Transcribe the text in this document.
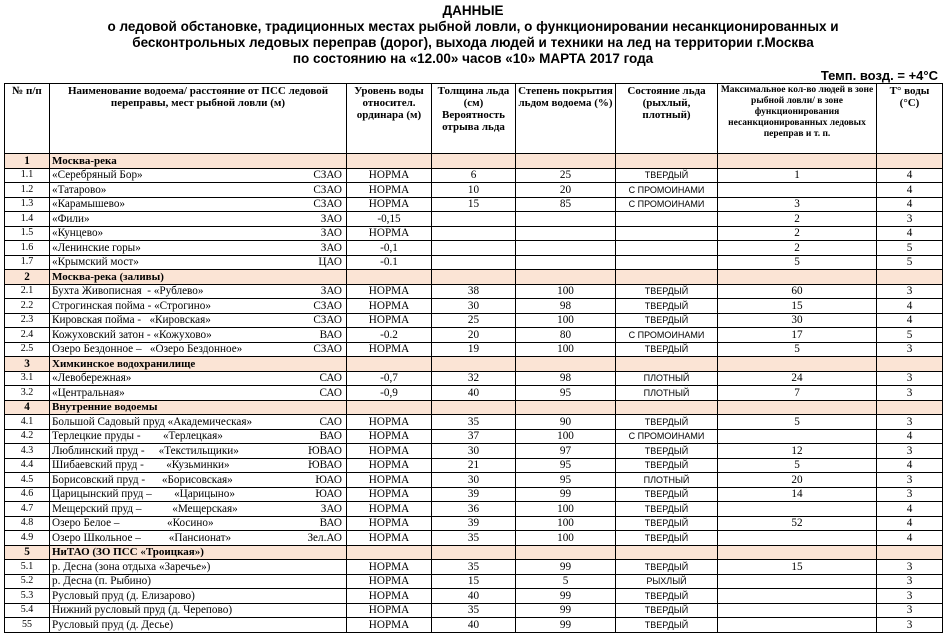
ДАННЫЕ
о ледовой обстановке, традиционных местах рыбной ловли, о функционировании несанкционированных и
бесконтрольных ледовых переправ (дорог), выхода людей и техники на лед на территории г.Москва
по состоянию на «12.00» часов «10» МАРТА 2017 года
Темп. возд. = +4°С
№ п/п	Наименование водоема/ расстояние от ПСС ледовой переправы, мест рыбной ловли (м)	Уровень воды относител. ординара (м)	Толщина льда (см) Вероятность отрыва льда	Степень покрытия льдом водоема (%)	Состояние льда (рыхлый, плотный)	Максимальное кол-во людей в зоне рыбной ловли/ в зоне функционирования несанкционированных ледовых переправ и т. п.	Т° воды (°С)
1	Москва-река						
1.1	«Серебряный Бор» СЗАО	НОРМА	6	25	ТВЕРДЫЙ	1	4
1.2	«Татарово» СЗАО	НОРМА	10	20	С ПРОМОИНАМИ		4
1.3	«Карамышево» СЗАО	НОРМА	15	85	С ПРОМОИНАМИ	3	4
1.4	«Фили» ЗАО	-0,15				2	3
1.5	«Кунцево» ЗАО	НОРМА				2	4
1.6	«Ленинские горы» ЗАО	-0,1				2	5
1.7	«Крымский мост» ЦАО	-0.1				5	5
2	Москва-река (заливы)						
2.1	Бухта Живописная  - «Рублево» ЗАО	НОРМА	38	100	ТВЕРДЫЙ	60	3
2.2	Строгинская пойма - «Строгино» СЗАО	НОРМА	30	98	ТВЕРДЫЙ	15	4
2.3	Кировская пойма -   «Кировская» СЗАО	НОРМА	25	100	ТВЕРДЫЙ	30	4
2.4	Кожуховский затон - «Кожухово» ВАО	-0.2	20	80	С ПРОМОИНАМИ	17	5
2.5	Озеро Бездонное –   «Озеро Бездонное» СЗАО	НОРМА	19	100	ТВЕРДЫЙ	5	3
3	Химкинское водохранилище						
3.1	«Левобережная» САО	-0,7	32	98	ПЛОТНЫЙ	24	3
3.2	«Центральная» САО	-0,9	40	95	ПЛОТНЫЙ	7	3
4	Внутренние водоемы						
4.1	Большой Садовый пруд «Академическая» САО	НОРМА	35	90	ТВЕРДЫЙ	5	3
4.2	Терлецкие пруды -        «Терлецкая» ВАО	НОРМА	37	100	С ПРОМОИНАМИ		4
4.3	Люблинский пруд -     «Текстильщики» ЮВАО	НОРМА	30	97	ТВЕРДЫЙ	12	3
4.4	Шибаевский пруд -        «Кузьминки» ЮВАО	НОРМА	21	95	ТВЕРДЫЙ	5	4
4.5	Борисовский пруд -      «Борисовская» ЮАО	НОРМА	30	95	ПЛОТНЫЙ	20	3
4.6	Царицынский пруд –        «Царицыно» ЮАО	НОРМА	39	99	ТВЕРДЫЙ	14	3
4.7	Мещерский пруд –           «Мещерская» ЗАО	НОРМА	36	100	ТВЕРДЫЙ		4
4.8	Озеро Белое –                 «Косино» ВАО	НОРМА	39	100	ТВЕРДЫЙ	52	4
4.9	Озеро Школьное –          «Пансионат» Зел.АО	НОРМА	35	100	ТВЕРДЫЙ		4
5	НиТАО (ЗО ПСС «Троицкая»)						
5.1	р. Десна (зона отдыха «Заречье»)	НОРМА	35	99	ТВЕРДЫЙ	15	3
5.2	р. Десна (п. Рыбино)	НОРМА	15	5	РЫХЛЫЙ		3
5.3	Русловый пруд (д. Елизарово)	НОРМА	40	99	ТВЕРДЫЙ		3
5.4	Нижний русловый пруд (д. Черепово)	НОРМА	35	99	ТВЕРДЫЙ		3
55	Русловый пруд (д. Десье)	НОРМА	40	99	ТВЕРДЫЙ		3
